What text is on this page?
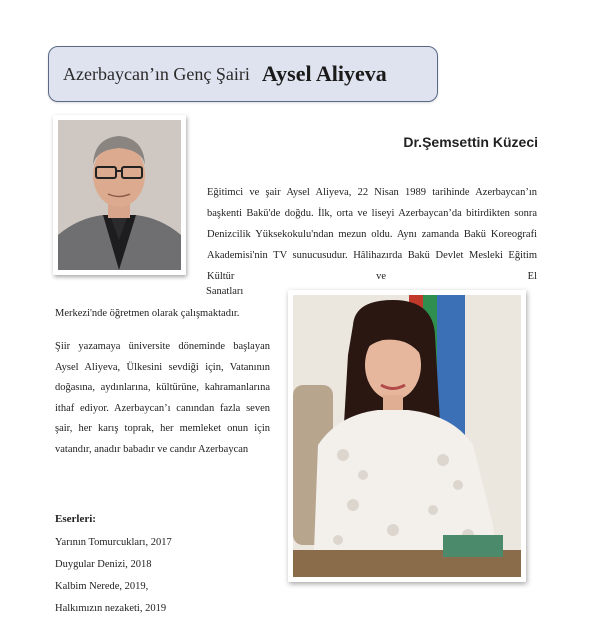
Azerbaycan’ın Genç Şairi Aysel Aliyeva
Dr.Şemsettin Küzeci

Eğitimci ve şair Aysel Aliyeva, 22 Nisan 1989 tarihinde Azerbaycan’ın başkenti Bakü'de doğdu. İlk, orta ve liseyi Azerbaycan’da bitirdikten sonra Denizcilik Yüksekokulu'ndan mezun oldu. Aynı zamanda Bakü Koreografi Akademisi'nin TV sunucusudur. Hâlihazırda Bakü Devlet Mesleki Eğitim Kültür ve El

Sanatları

Merkezi'nde öğretmen olarak çalışmaktadır.

Şiir yazamaya üniversite döneminde başlayan Aysel Aliyeva, Ülkesini sevdiği için, Vatanının doğasına, aydınlarına, kültürüne, kahramanlarına ithaf ediyor. Azerbaycan’ı canından fazla seven şair, her karış toprak, her memleket onun için vatandır, anadır babadır ve candır Azerbaycan

Eserleri:

Yarının Tomurcukları, 2017
Duygular Denizi, 2018
Kalbim Nerede, 2019,
Halkımızın nezaketi, 2019
